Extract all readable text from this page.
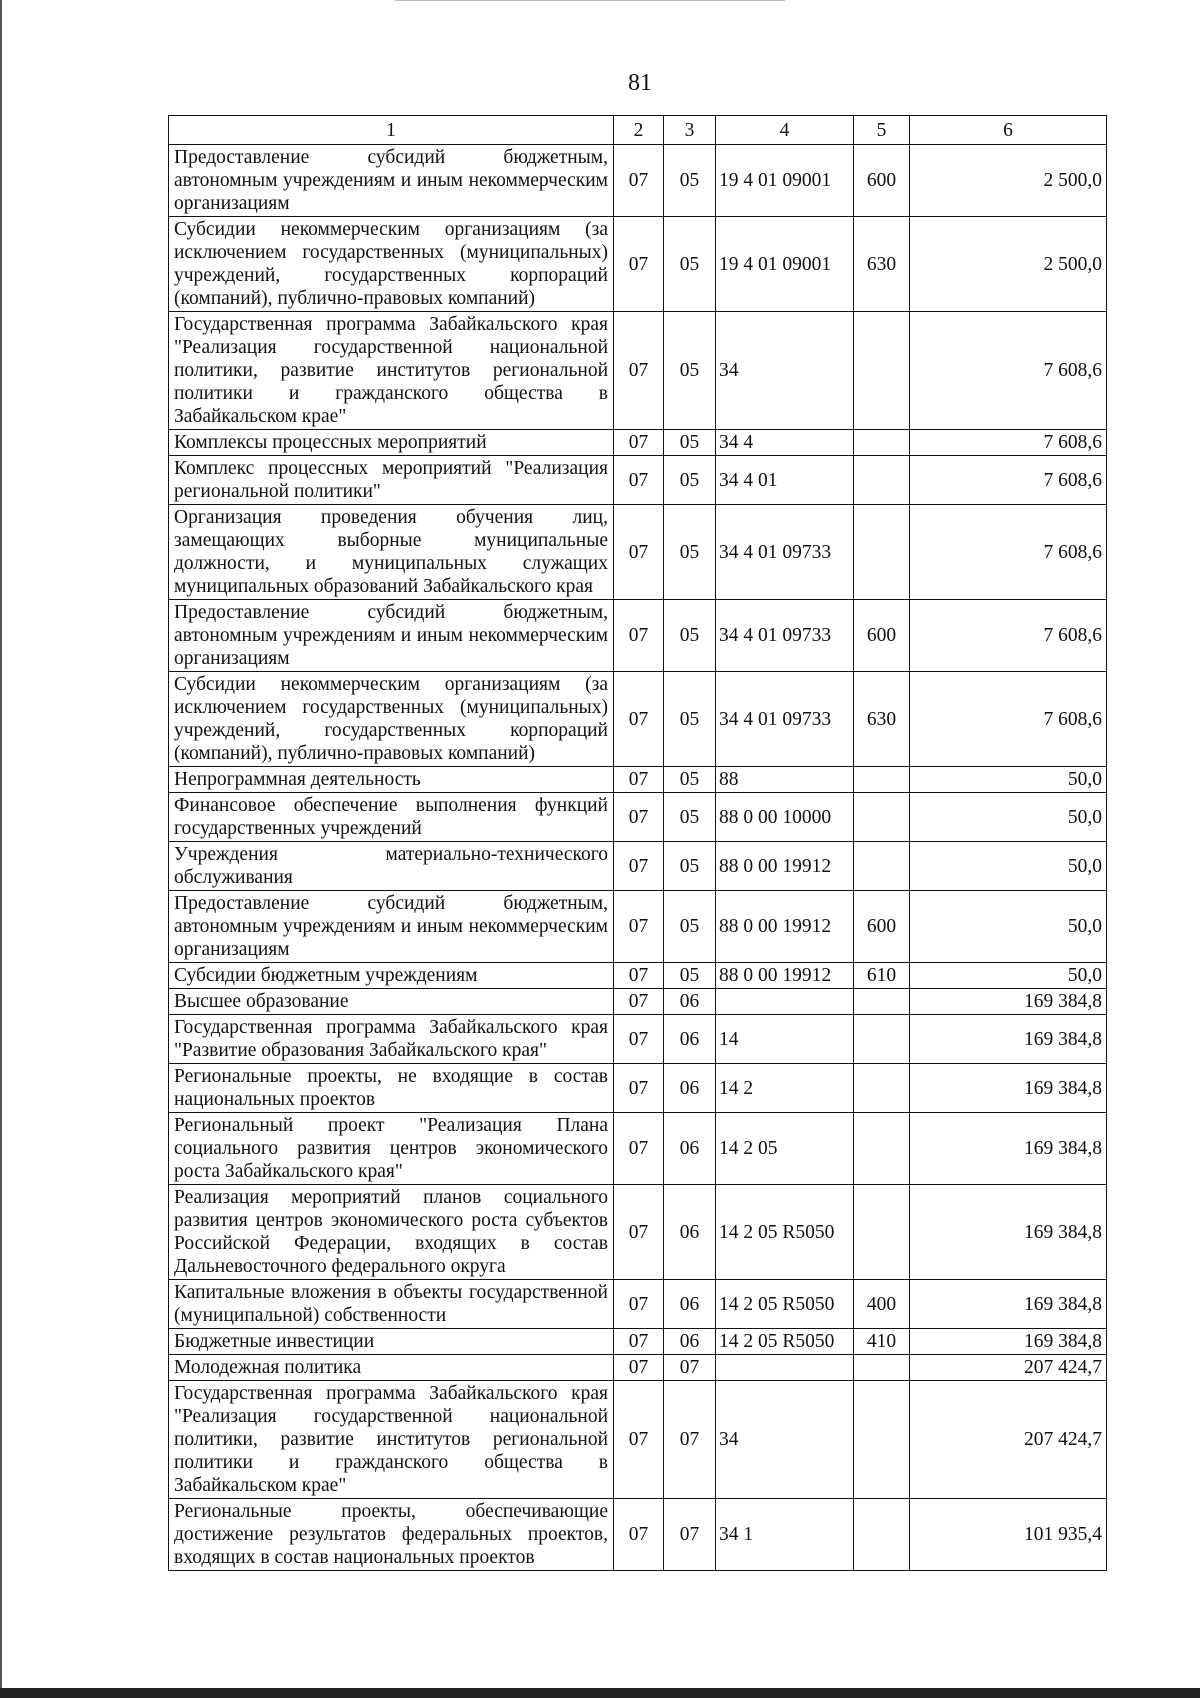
81
1	2	3	4	5	6
Предоставление субсидий бюджетным, автономным учреждениям и иным некоммерческим организациям	07	05	19 4 01 09001	600	2 500,0
Субсидии некоммерческим организациям (за исключением государственных (муниципальных) учреждений, государственных корпораций (компаний), публично-правовых компаний)	07	05	19 4 01 09001	630	2 500,0
Государственная программа Забайкальского края "Реализация государственной национальной политики, развитие институтов региональной политики и гражданского общества в Забайкальском крае"	07	05	34		7 608,6
Комплексы процессных мероприятий	07	05	34 4		7 608,6
Комплекс процессных мероприятий "Реализация региональной политики"	07	05	34 4 01		7 608,6
Организация проведения обучения лиц, замещающих выборные муниципальные должности, и муниципальных служащих муниципальных образований Забайкальского края	07	05	34 4 01 09733		7 608,6
Предоставление субсидий бюджетным, автономным учреждениям и иным некоммерческим организациям	07	05	34 4 01 09733	600	7 608,6
Субсидии некоммерческим организациям (за исключением государственных (муниципальных) учреждений, государственных корпораций (компаний), публично-правовых компаний)	07	05	34 4 01 09733	630	7 608,6
Непрограммная деятельность	07	05	88		50,0
Финансовое обеспечение выполнения функций государственных учреждений	07	05	88 0 00 10000		50,0
Учреждения материально-технического обслуживания	07	05	88 0 00 19912		50,0
Предоставление субсидий бюджетным, автономным учреждениям и иным некоммерческим организациям	07	05	88 0 00 19912	600	50,0
Субсидии бюджетным учреждениям	07	05	88 0 00 19912	610	50,0
Высшее образование	07	06			169 384,8
Государственная программа Забайкальского края "Развитие образования Забайкальского края"	07	06	14		169 384,8
Региональные проекты, не входящие в состав национальных проектов	07	06	14 2		169 384,8
Региональный проект "Реализация Плана социального развития центров экономического роста Забайкальского края"	07	06	14 2 05		169 384,8
Реализация мероприятий планов социального развития центров экономического роста субъектов Российской Федерации, входящих в состав Дальневосточного федерального округа	07	06	14 2 05 R5050		169 384,8
Капитальные вложения в объекты государственной (муниципальной) собственности	07	06	14 2 05 R5050	400	169 384,8
Бюджетные инвестиции	07	06	14 2 05 R5050	410	169 384,8
Молодежная политика	07	07			207 424,7
Государственная программа Забайкальского края "Реализация государственной национальной политики, развитие институтов региональной политики и гражданского общества в Забайкальском крае"	07	07	34		207 424,7
Региональные проекты, обеспечивающие достижение результатов федеральных проектов, входящих в состав национальных проектов	07	07	34 1		101 935,4
